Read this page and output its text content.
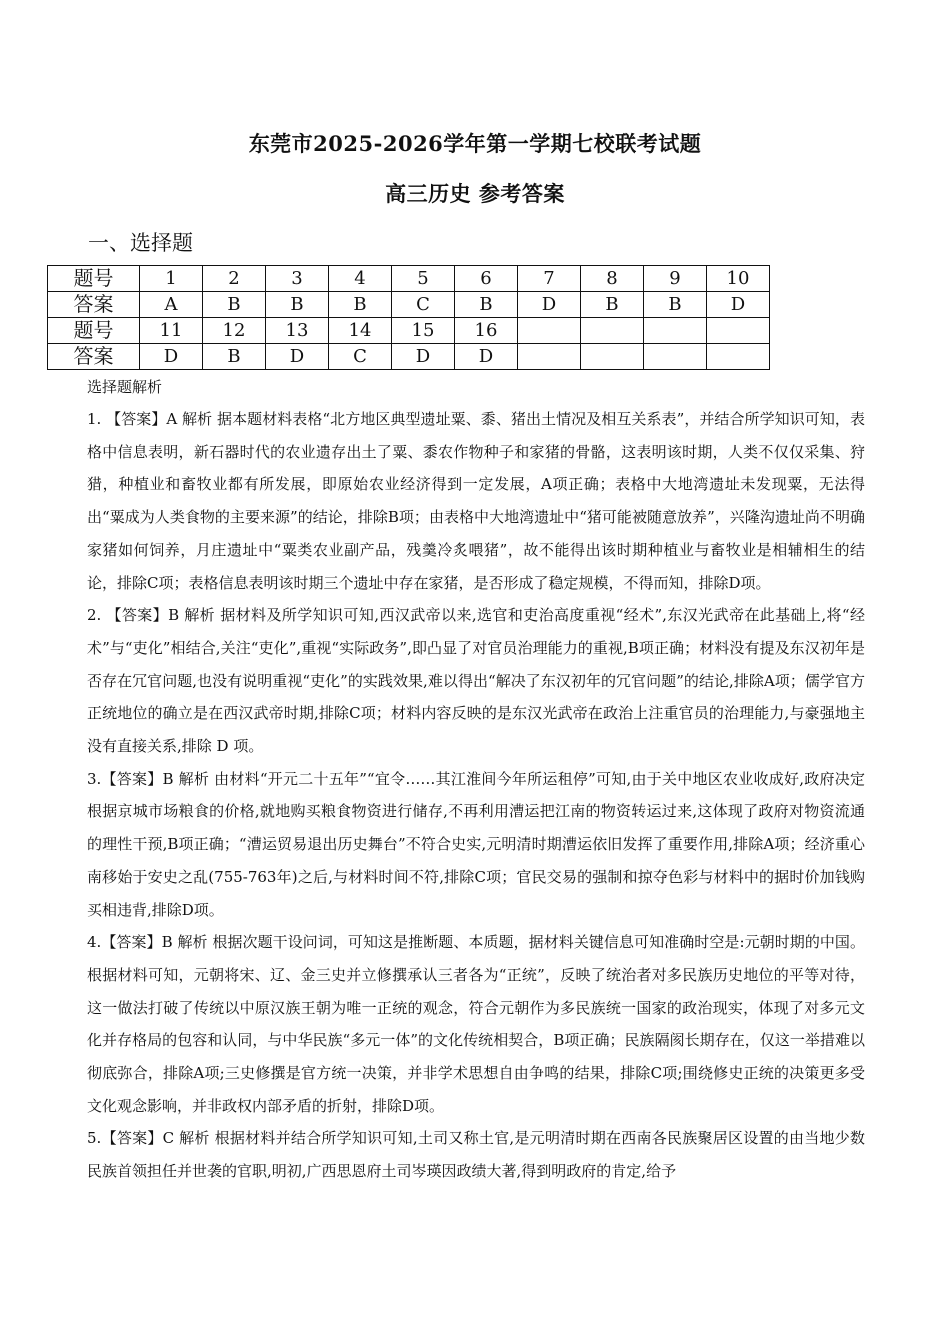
东莞市2025-2026学年第一学期七校联考试题
高三历史 参考答案
一、选择题
题号	1	2	3	4	5	6	7	8	9	10
答案	A	B	B	B	C	B	D	B	B	D
题号	11	12	13	14	15	16				
答案	D	B	D	C	D	D				
选择题解析

1. 【答案】A 解析 据本题材料表格“北方地区典型遗址粟、黍、猪出土情况及相互关系表”，并结合所学知识可知，表格中信息表明，新石器时代的农业遗存出土了粟、黍农作物种子和家猪的骨骼，这表明该时期，人类不仅仅采集、狩猎，种植业和畜牧业都有所发展，即原始农业经济得到一定发展，A项正确；表格中大地湾遗址未发现粟，无法得出“粟成为人类食物的主要来源”的结论，排除B项；由表格中大地湾遗址中“猪可能被随意放养”，兴隆沟遗址尚不明确家猪如何饲养，月庄遗址中“粟类农业副产品，残羹冷炙喂猪”，故不能得出该时期种植业与畜牧业是相辅相生的结论，排除C项；表格信息表明该时期三个遗址中存在家猪，是否形成了稳定规模，不得而知，排除D项。

2. 【答案】B 解析 据材料及所学知识可知,西汉武帝以来,选官和吏治高度重视“经术”,东汉光武帝在此基础上,将“经术”与“吏化”相结合,关注“吏化”,重视“实际政务”,即凸显了对官员治理能力的重视,B项正确；材料没有提及东汉初年是否存在冗官问题,也没有说明重视“吏化”的实践效果,难以得出“解决了东汉初年的冗官问题”的结论,排除A项；儒学官方正统地位的确立是在西汉武帝时期,排除C项；材料内容反映的是东汉光武帝在政治上注重官员的治理能力,与豪强地主没有直接关系,排除 D 项。

3.【答案】B 解析 由材料“开元二十五年”“宜令……其江淮间今年所运租停”可知,由于关中地区农业收成好,政府决定根据京城市场粮食的价格,就地购买粮食物资进行储存,不再利用漕运把江南的物资转运过来,这体现了政府对物资流通的理性干预,B项正确；“漕运贸易退出历史舞台”不符合史实,元明清时期漕运依旧发挥了重要作用,排除A项；经济重心南移始于安史之乱(755-763年)之后,与材料时间不符,排除C项；官民交易的强制和掠夺色彩与材料中的据时价加钱购买相违背,排除D项。

4.【答案】B 解析 根据次题干设问词，可知这是推断题、本质题，据材料关键信息可知准确时空是:元朝时期的中国。根据材料可知，元朝将宋、辽、金三史并立修撰承认三者各为“正统”，反映了统治者对多民族历史地位的平等对待，这一做法打破了传统以中原汉族王朝为唯一正统的观念，符合元朝作为多民族统一国家的政治现实，体现了对多元文化并存格局的包容和认同，与中华民族“多元一体”的文化传统相契合，B项正确；民族隔阂长期存在，仅这一举措难以彻底弥合，排除A项;三史修撰是官方统一决策，并非学术思想自由争鸣的结果，排除C项;围绕修史正统的决策更多受文化观念影响，并非政权内部矛盾的折射，排除D项。

5.【答案】C 解析 根据材料并结合所学知识可知,土司又称土官,是元明清时期在西南各民族聚居区设置的由当地少数民族首领担任并世袭的官职,明初,广西思恩府土司岑瑛因政绩大著,得到明政府的肯定,给予
